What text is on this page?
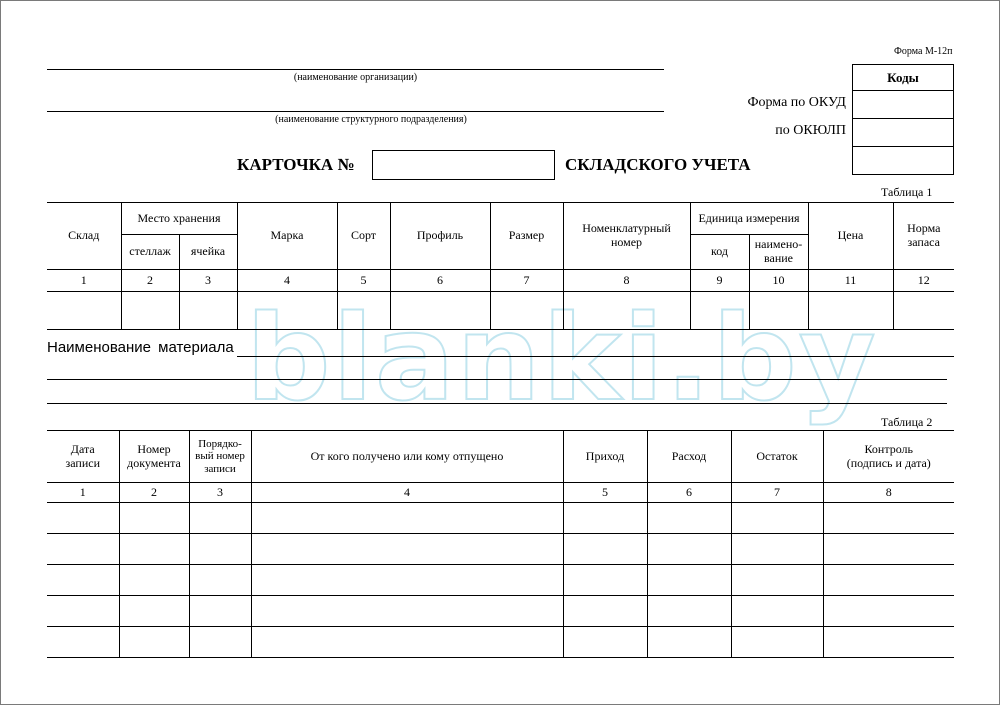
blanki.by
Форма М-12п
(наименование организации)
(наименование структурного подразделения)
Коды

Форма по ОКУД
по ОКЮЛП
КАРТОЧКА №	СКЛАДСКОГО УЧЕТА
Таблица 1
Склад	Место хранения		Марка	Сорт	Профиль	Размер	Номенклатурный номер	Единица измерения		Цена	Норма запаса
	стеллаж	ячейка						код	наимено-
вание		
1	2	3	4	5	6	7	8	9	10	11	12

Наименование материала
Таблица 2
Дата записи	Номер документа	Порядко-
вый номер
записи	От кого получено или кому отпущено	Приход	Расход	Остаток	Контроль
(подпись и дата)
1	2	3	4	5	6	7	8
